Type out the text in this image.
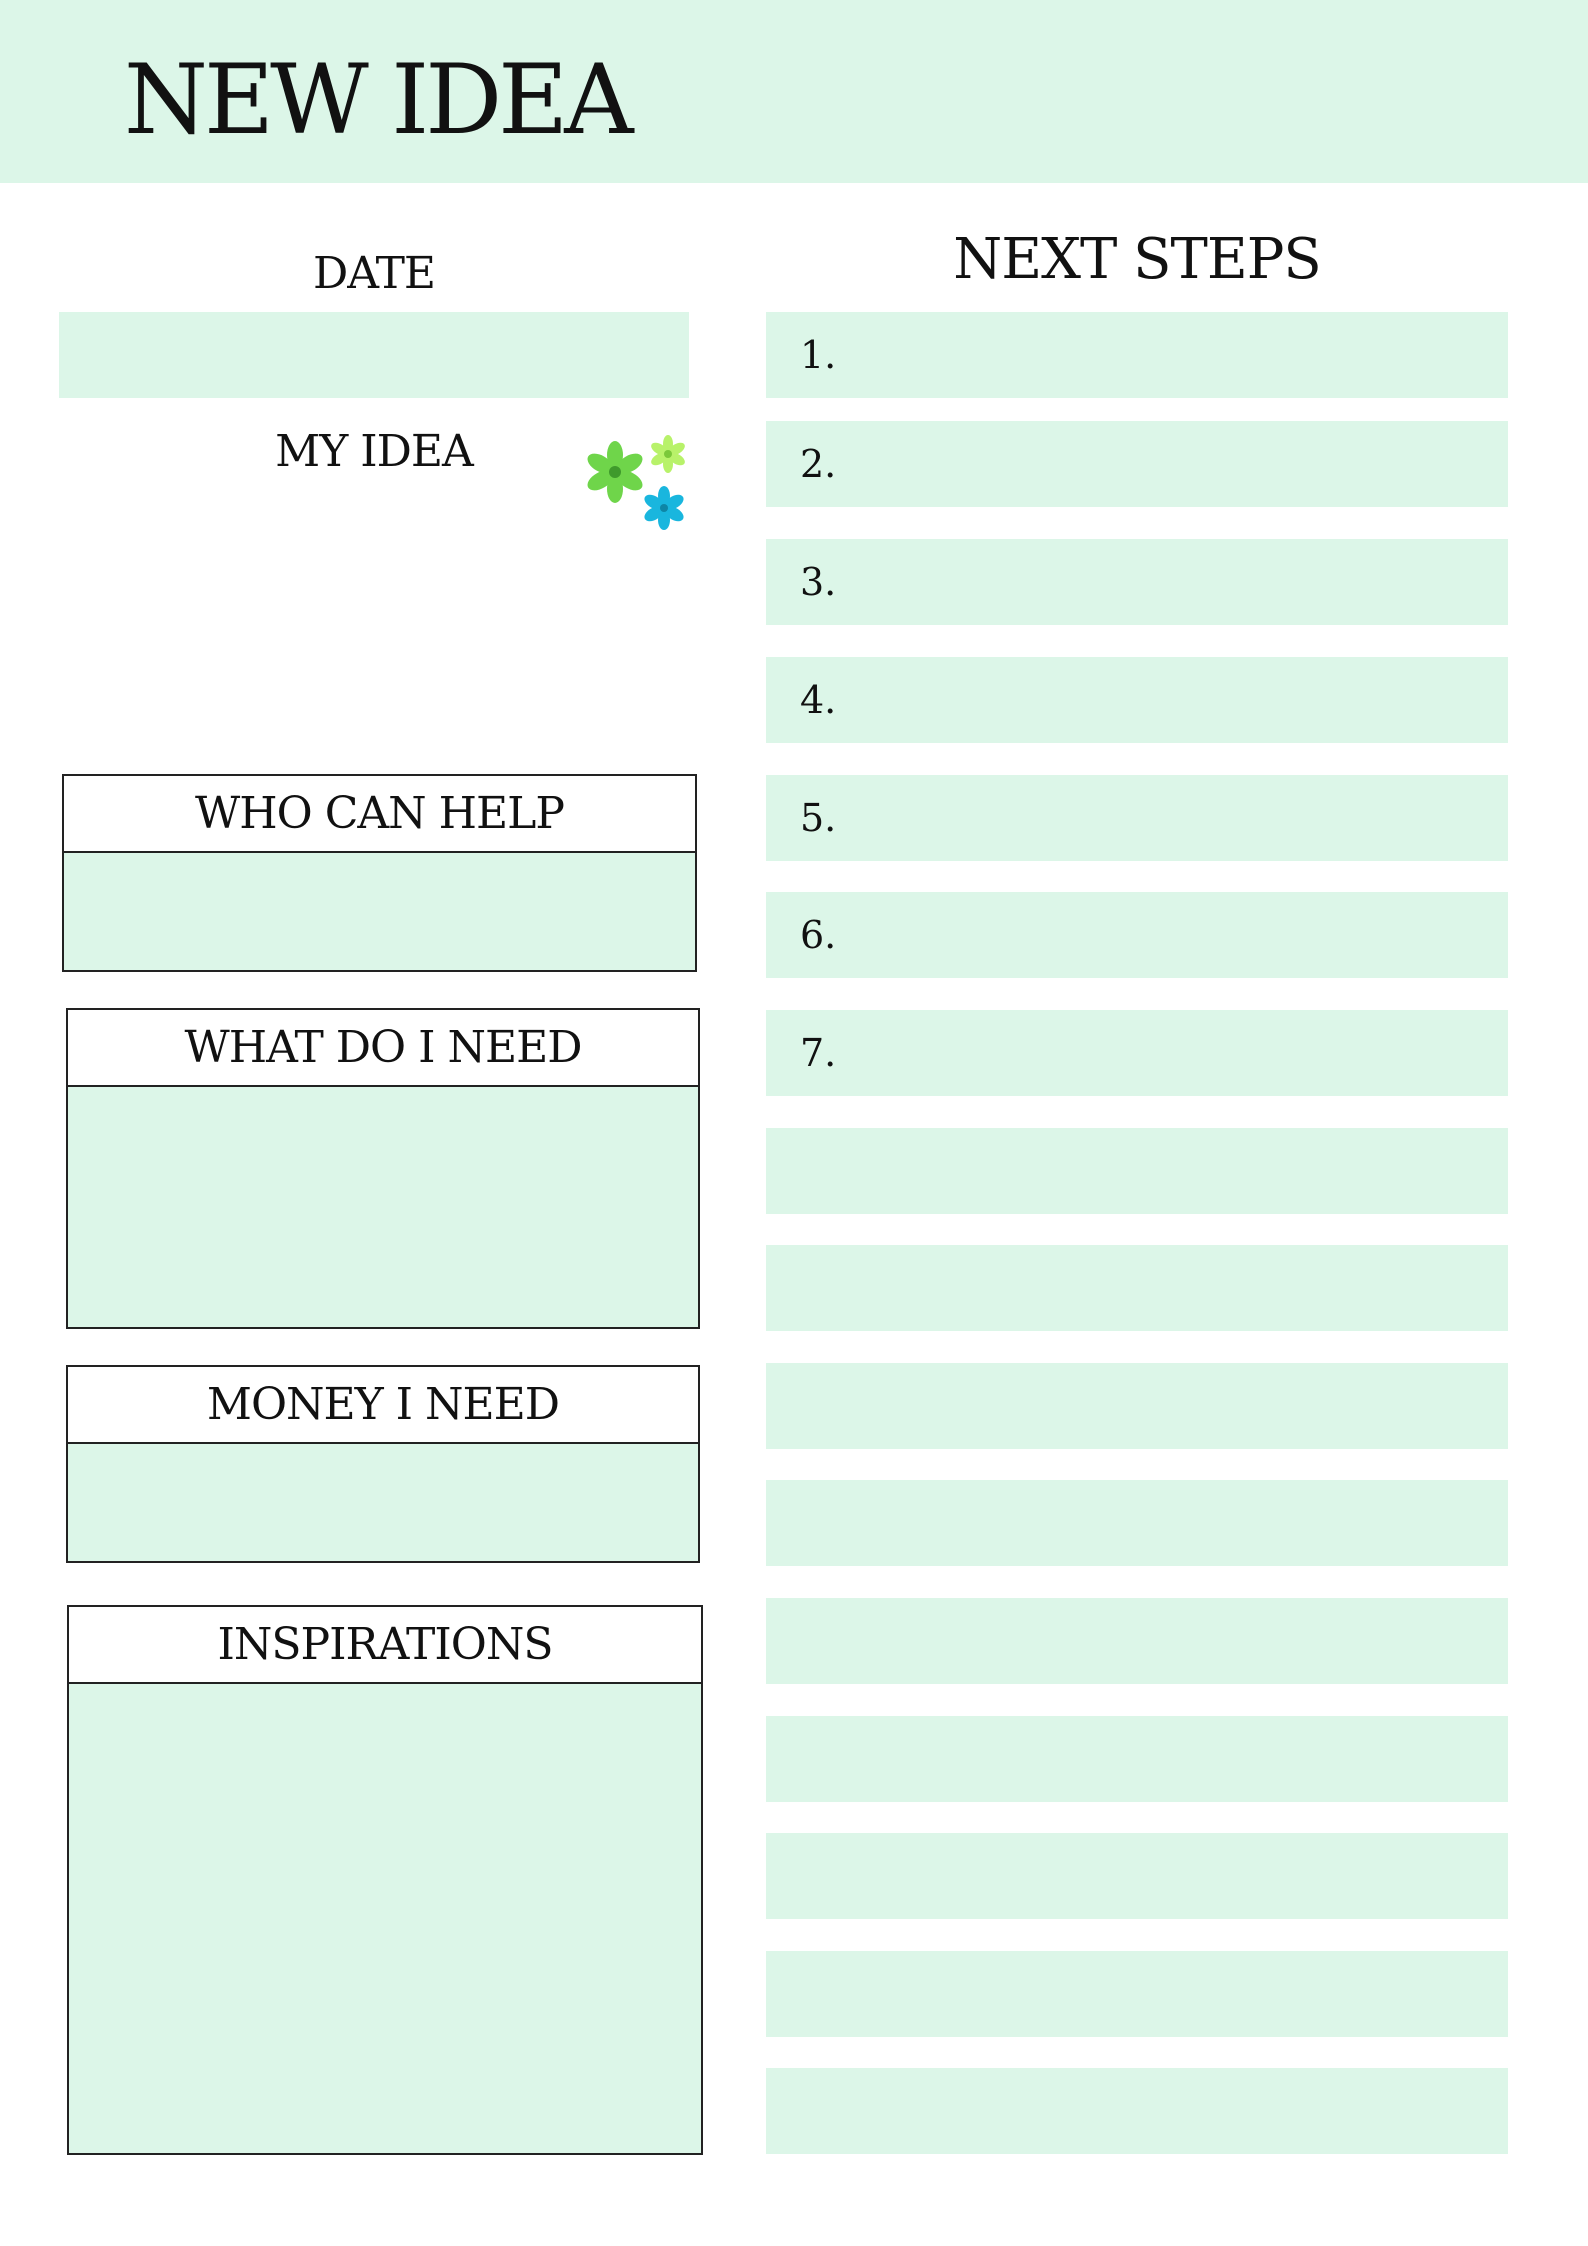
NEW IDEA
DATE
MY IDEA
WHO CAN HELP
WHAT DO I NEED
MONEY I NEED
INSPIRATIONS
NEXT STEPS
1.
2.
3.
4.
5.
6.
7.
